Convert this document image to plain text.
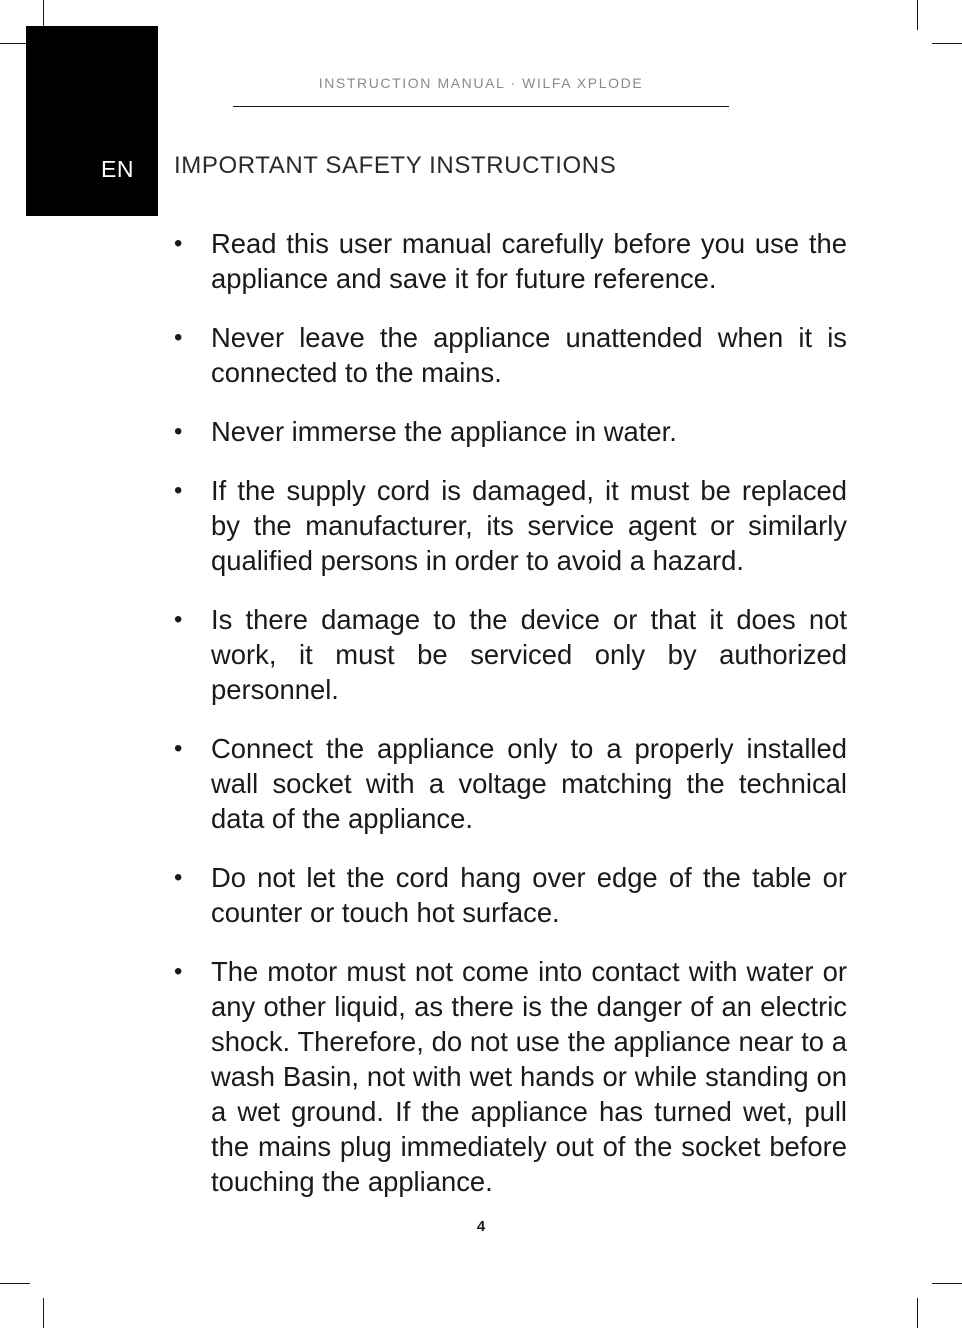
EN
INSTRUCTION MANUAL · WILFA XPLODE
IMPORTANT SAFETY INSTRUCTIONS
• Read this user manual carefully before you use the appliance and save it for future reference.
• Never leave the appliance unattended when it is connected to the mains.
• Never immerse the appliance in water.
• If the supply cord is damaged, it must be replaced by the manufacturer, its service agent or similarly qualified persons in order to avoid a hazard.
• Is there damage to the device or that it does not work, it must be serviced only by authorized personnel.
• Connect the appliance only to a properly installed wall socket with a voltage matching the technical data of the appliance.
• Do not let the cord hang over edge of the table or counter or touch hot surface.
• The motor must not come into contact with water or any other liquid, as there is the danger of an electric shock. Therefore, do not use the appliance near to a wash Basin, not with wet hands or while standing on a wet ground. If the appliance has turned wet, pull the mains plug immediately out of the socket before touching the appliance.
4
